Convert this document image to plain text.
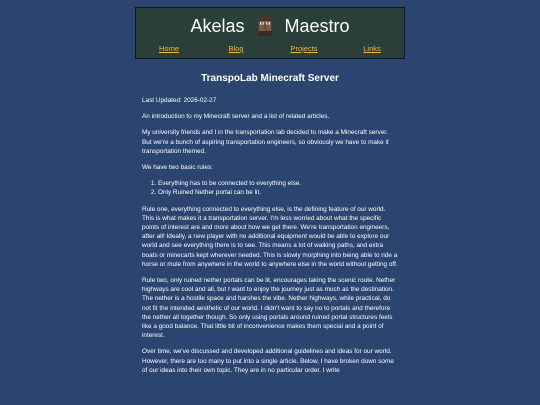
Akelas Maestro
Home	Blog	Projects	Links
TranspoLab Minecraft Server

Last Updated: 2026-02-27

An introduction to my Minecraft server and a list of related articles.

My university friends and I in the transportation lab decided to make a Minecraft server. But we're a bunch of aspiring transportation engineers, so obviously we have to make it transportation themed.

We have two basic rules:

1. Everything has to be connected to everything else.
2. Only Ruined Nether portal can be lit.

Rule one, everything connected to everything else, is the defining feature of our world. This is what makes it a transportation server. I'm less worried about what the specific points of interest are and more about how we get there. We're transportation engineers, after all! Ideally, a new player with no additional equipment would be able to explore our world and see everything there is to see. This means a lot of walking paths, and extra boats or minecarts kept wherever needed. This is slowly morphing into being able to ride a horse or mule from anywhere in the world to anywhere else in the world without getting off.

Rule two, only ruined nether portals can be lit, encourages taking the scenic route. Nether highways are cool and all, but I want to enjoy the journey just as much as the destination. The nether is a hostile space and harshes the vibe. Nether highways, while practical, do not fit the intended aesthetic of our world. I didn't want to say no to portals and therefore the nether all together though. So only using portals around ruined portal structures feels like a good balance. That little bit of inconvenience makes them special and a point of interest.

Over time, we've discussed and developed additional guidelines and ideas for our world. However, there are too many to put into a single article. Below, I have broken down some of our ideas into their own topic. They are in no particular order. I write
